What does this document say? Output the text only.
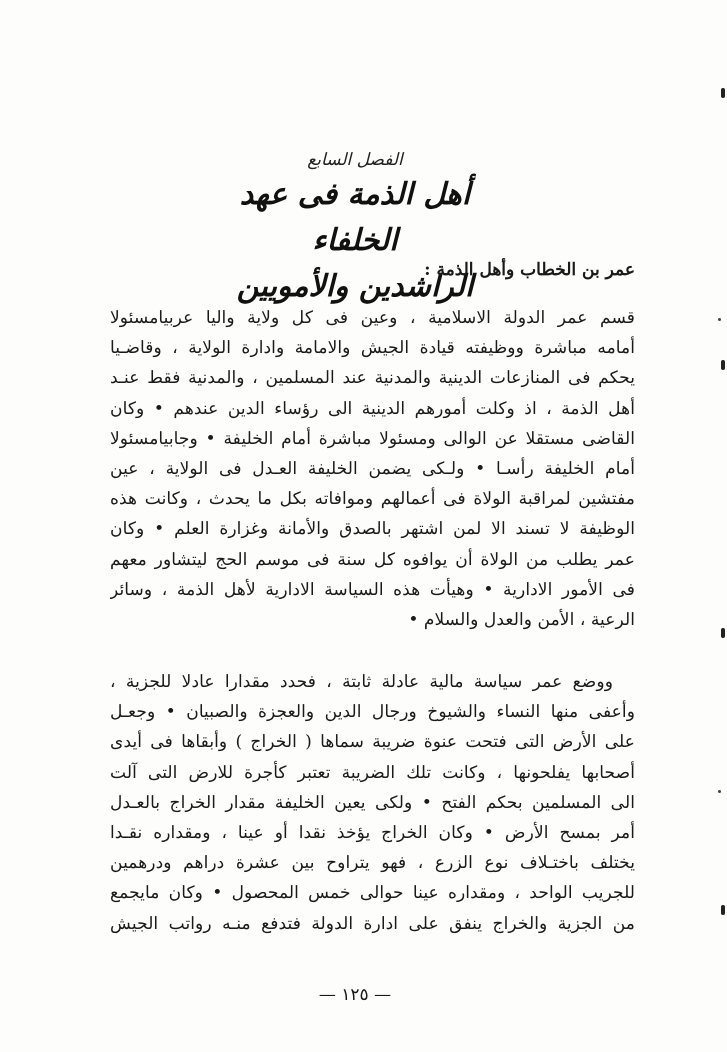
الفصل السابع
أهل الذمة فى عهد الخلفاء
الراشدين والأمويين
عمر بن الخطاب وأهل الذمة :
قسم عمر الدولة الاسلامية ، وعين فى كل ولاية واليا عربيامسئولا
أمامه مباشرة ووظيفته قيادة الجيش والامامة وادارة الولاية ، وقاضـيا
يحكم فى المنازعات الدينية والمدنية عند المسلمين ، والمدنية فقط عنـد
أهل الذمة ، اذ وكلت أمورهم الدينية الى رؤساء الدين عندهم • وكان
القاضى مستقلا عن الوالى ومسئولا مباشرة أمام الخليفة • وجابيامسئولا
أمام الخليفة رأسـا • ولـكى يضمن الخليفة العـدل فى الولاية ، عين
مفتشين لمراقبة الولاة فى أعمالهم وموافاته بكل ما يحدث ، وكانت هذه
الوظيفة لا تسند الا لمن اشتهر بالصدق والأمانة وغزارة العلم • وكان
عمر يطلب من الولاة أن يوافوه كل سنة فى موسم الحج ليتشاور معهم
فى الأمور الادارية • وهيأت هذه السياسة الادارية لأهل الذمة ، وسائر
الرعية ، الأمن والعدل والسلام •
ووضع عمر سياسة مالية عادلة ثابتة ، فحدد مقدارا عادلا للجزية ،
وأعفى منها النساء والشيوخ ورجال الدين والعجزة والصبيان • وجعـل
على الأرض التى فتحت عنوة ضريبة سماها ( الخراج ) وأبقاها فى أيدى
أصحابها يفلحونها ، وكانت تلك الضريبة تعتبر كأجرة للارض التى آلت
الى المسلمين بحكم الفتح • ولكى يعين الخليفة مقدار الخراج بالعـدل
أمر بمسح الأرض • وكان الخراج يؤخذ نقدا أو عينا ، ومقداره نقـدا
يختلف باختـلاف نوع الزرع ، فهو يتراوح بين عشرة دراهم ودرهمين
للجريب الواحد ، ومقداره عينا حوالى خمس المحصول • وكان مايجمع
من الجزية والخراج ينفق على ادارة الدولة فتدفع منـه رواتب الجيش
— ١٢٥ —
